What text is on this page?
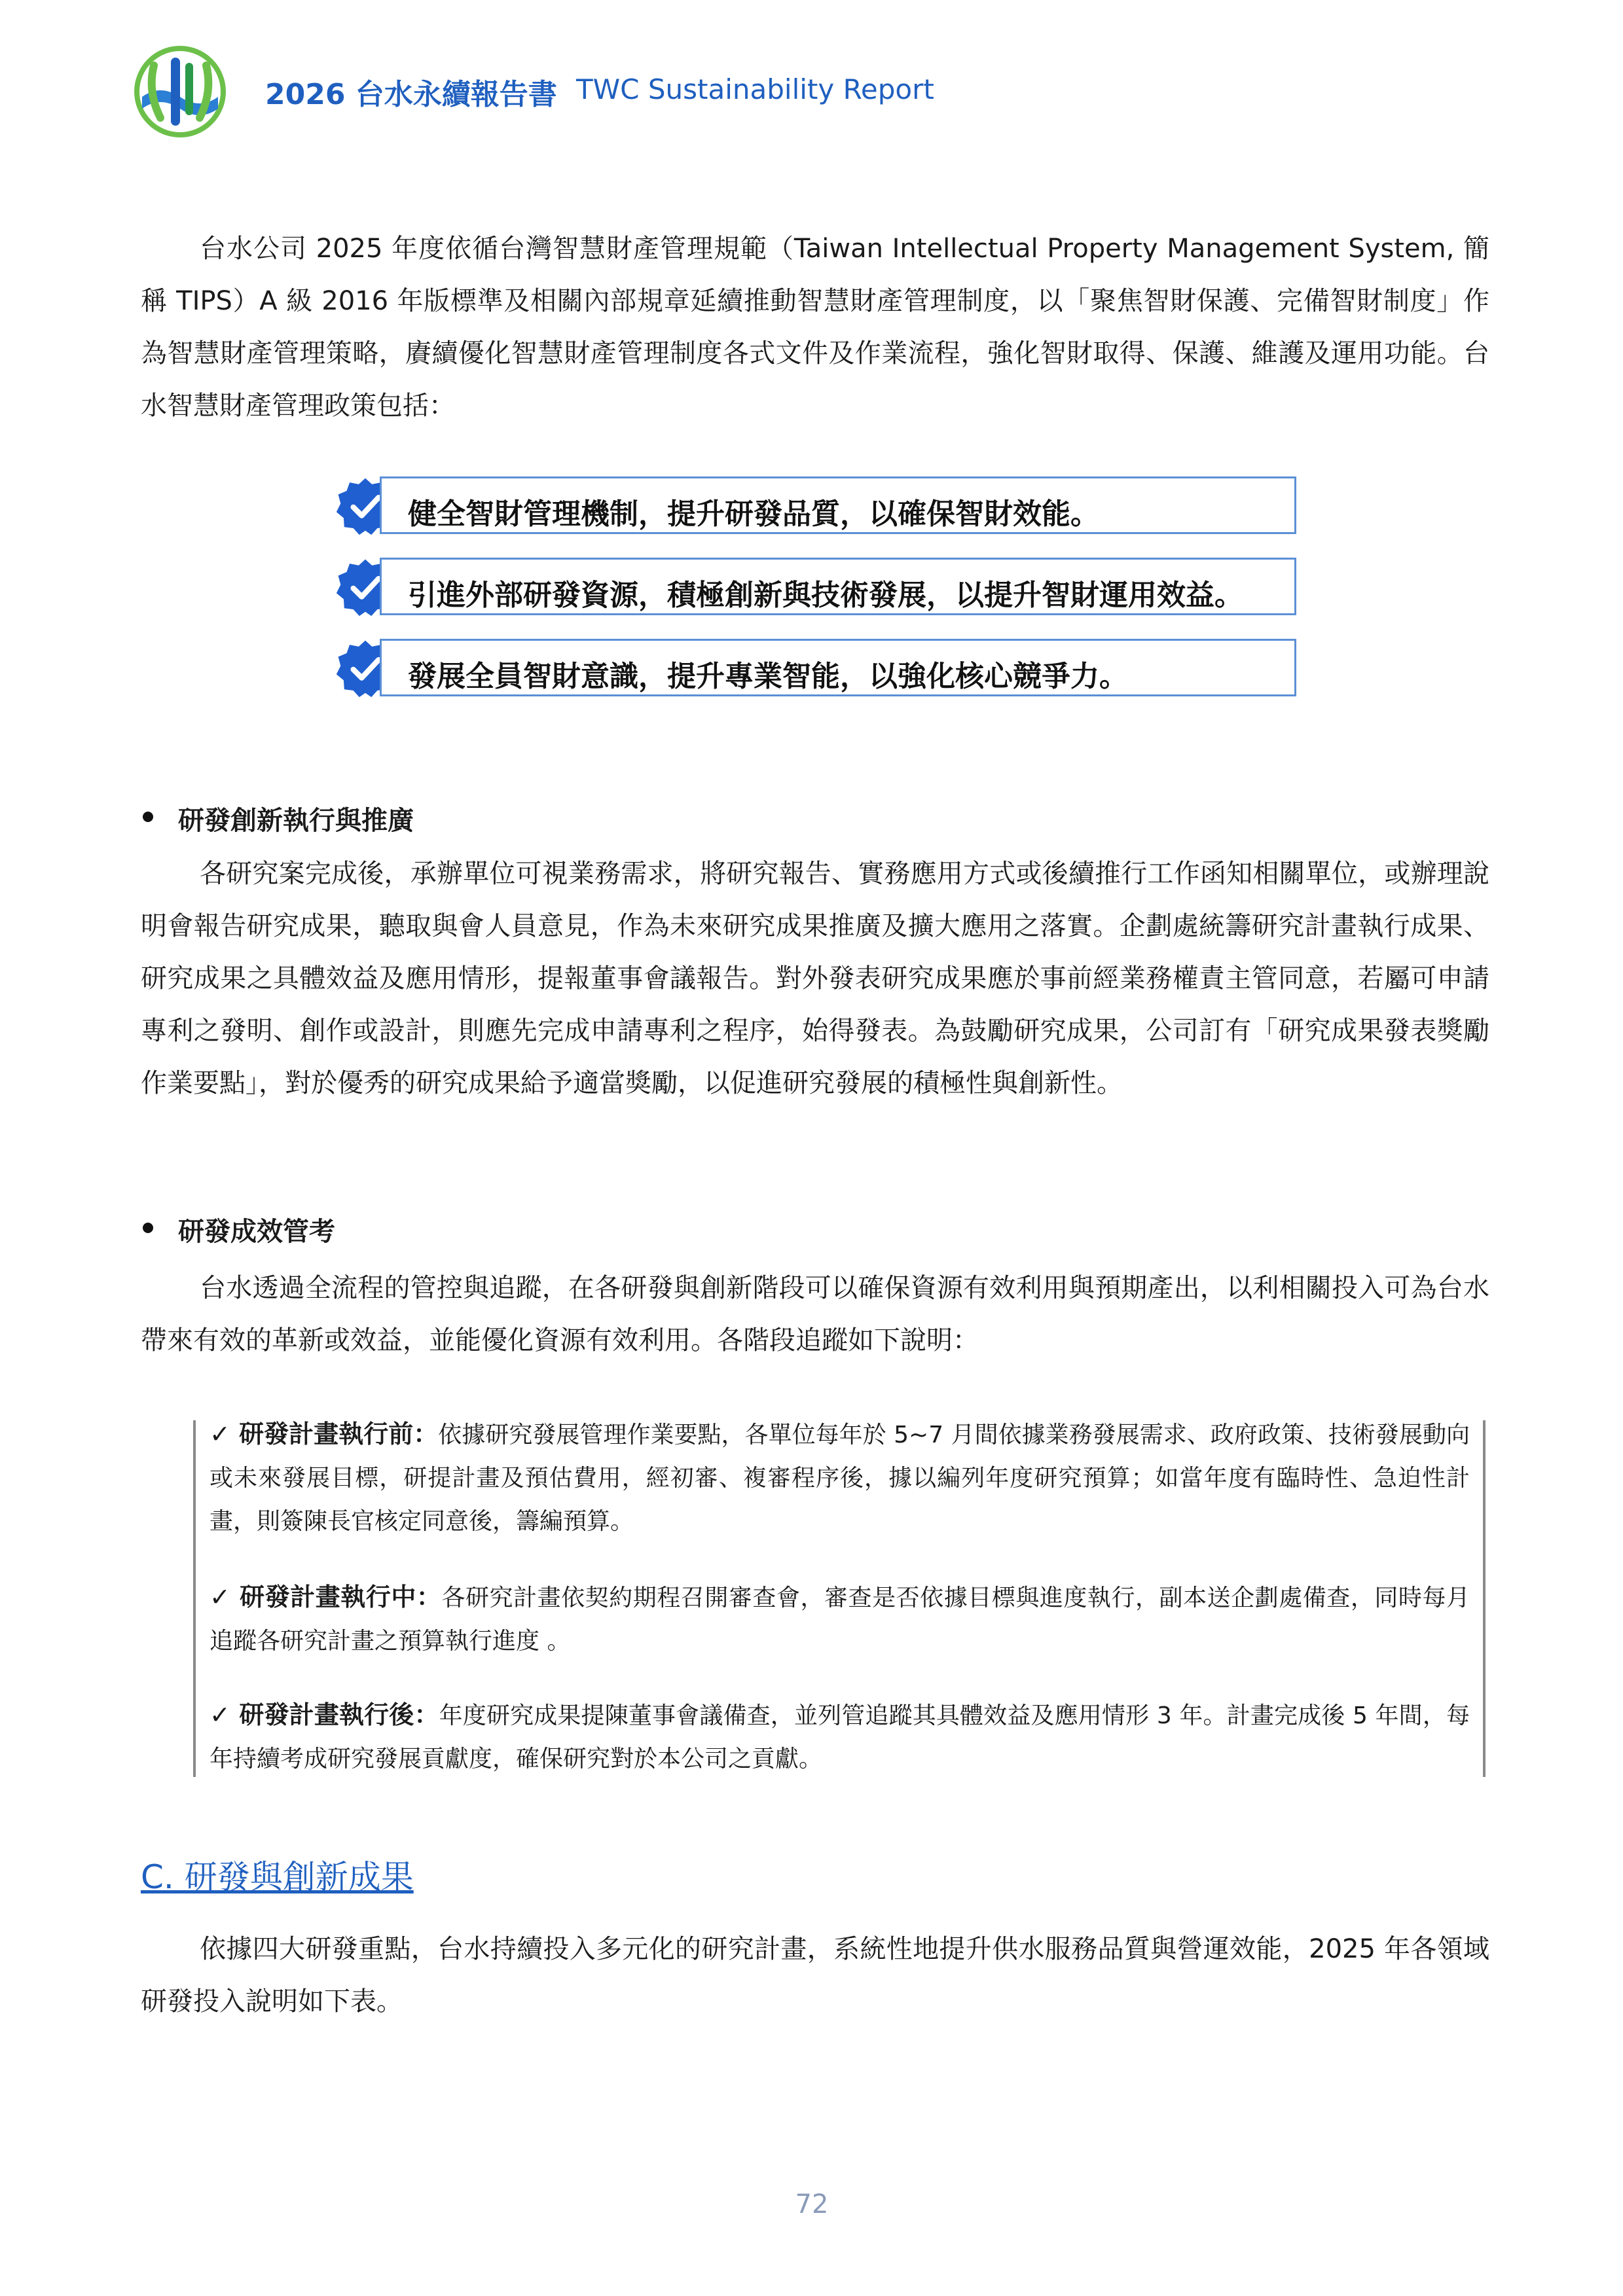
2026 台水永續報告書 TWC Sustainability Report

台水公司 2025 年度依循台灣智慧財產管理規範（Taiwan Intellectual Property Management System, 簡稱 TIPS）A 級 2016 年版標準及相關內部規章延續推動智慧財產管理制度，以「聚焦智財保護、完備智財制度」作為智慧財產管理策略，賡續優化智慧財產管理制度各式文件及作業流程，強化智財取得、保護、維護及運用功能。台水智慧財產管理政策包括：

健全智財管理機制，提升研發品質，以確保智財效能。
引進外部研發資源，積極創新與技術發展，以提升智財運用效益。
發展全員智財意識，提升專業智能，以強化核心競爭力。
研發創新執行與推廣

各研究案完成後，承辦單位可視業務需求，將研究報告、實務應用方式或後續推行工作函知相關單位，或辦理說明會報告研究成果，聽取與會人員意見，作為未來研究成果推廣及擴大應用之落實。企劃處統籌研究計畫執行成果、研究成果之具體效益及應用情形，提報董事會議報告。對外發表研究成果應於事前經業務權責主管同意，若屬可申請專利之發明、創作或設計，則應先完成申請專利之程序，始得發表。為鼓勵研究成果，公司訂有「研究成果發表獎勵作業要點」，對於優秀的研究成果給予適當獎勵，以促進研究發展的積極性與創新性。

研發成效管考

台水透過全流程的管控與追蹤，在各研發與創新階段可以確保資源有效利用與預期產出，以利相關投入可為台水帶來有效的革新或效益，並能優化資源有效利用。各階段追蹤如下說明：

✓ 研發計畫執行前：依據研究發展管理作業要點，各單位每年於 5~7 月間依據業務發展需求、政府政策、技術發展動向或未來發展目標，研提計畫及預估費用，經初審、複審程序後，據以編列年度研究預算；如當年度有臨時性、急迫性計畫，則簽陳長官核定同意後，籌編預算。

✓ 研發計畫執行中：各研究計畫依契約期程召開審查會，審查是否依據目標與進度執行，副本送企劃處備查，同時每月追蹤各研究計畫之預算執行進度 。

✓ 研發計畫執行後：年度研究成果提陳董事會議備查，並列管追蹤其具體效益及應用情形 3 年。計畫完成後 5 年間，每年持續考成研究發展貢獻度，確保研究對於本公司之貢獻。

C. 研發與創新成果

依據四大研發重點，台水持續投入多元化的研究計畫，系統性地提升供水服務品質與營運效能，2025 年各領域研發投入說明如下表。

72
